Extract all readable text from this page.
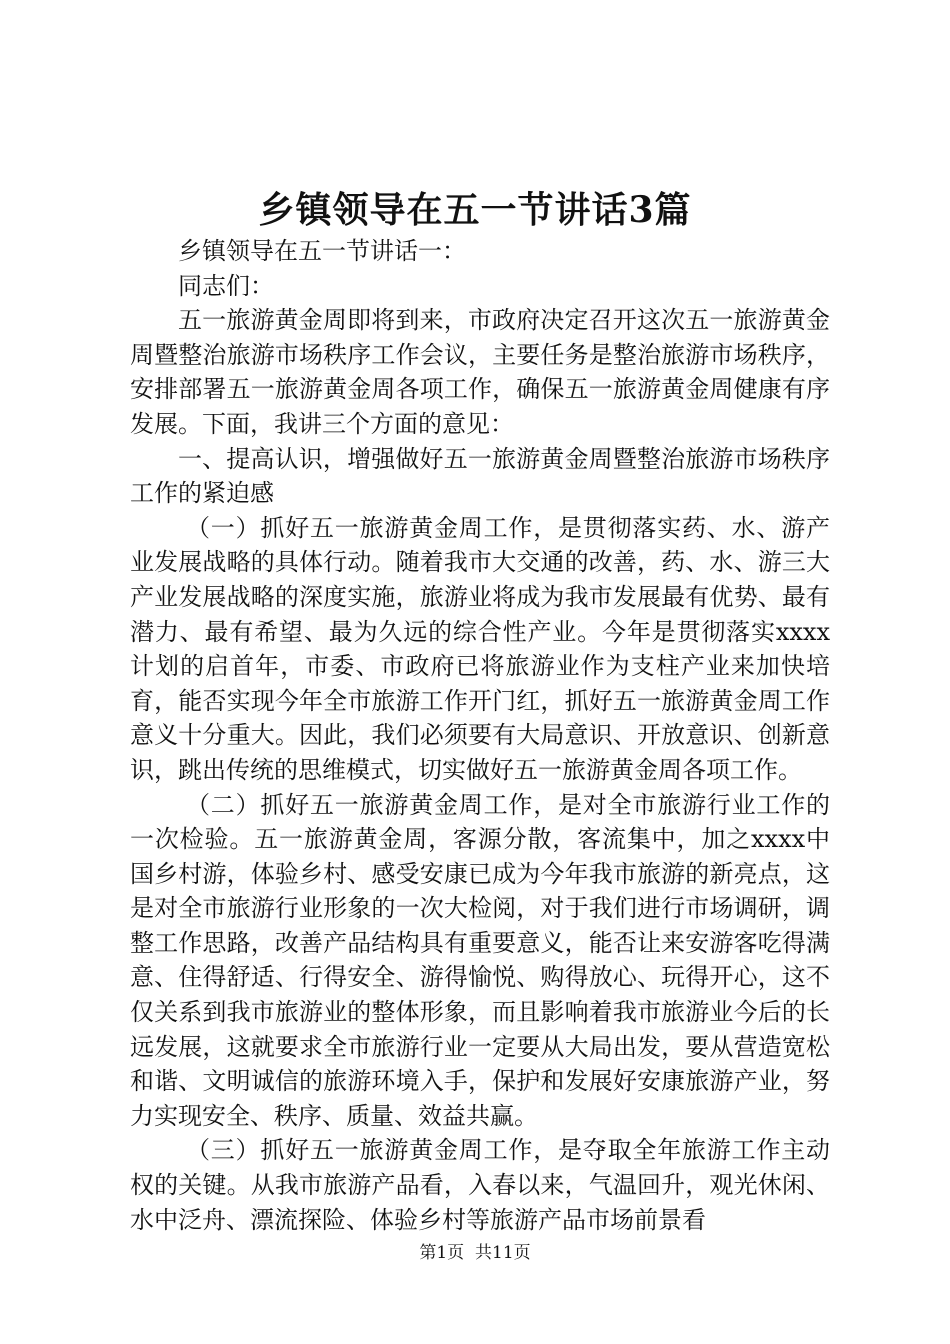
乡镇领导在五一节讲话3篇

乡镇领导在五一节讲话一：

同志们：

五一旅游黄金周即将到来，市政府决定召开这次五一旅游黄金周暨整治旅游市场秩序工作会议，主要任务是整治旅游市场秩序，安排部署五一旅游黄金周各项工作，确保五一旅游黄金周健康有序发展。下面，我讲三个方面的意见：

一、提高认识，增强做好五一旅游黄金周暨整治旅游市场秩序工作的紧迫感

（一）抓好五一旅游黄金周工作，是贯彻落实药、水、游产业发展战略的具体行动。随着我市大交通的改善，药、水、游三大产业发展战略的深度实施，旅游业将成为我市发展最有优势、最有潜力、最有希望、最为久远的综合性产业。今年是贯彻落实xxxx计划的启首年，市委、市政府已将旅游业作为支柱产业来加快培育，能否实现今年全市旅游工作开门红，抓好五一旅游黄金周工作意义十分重大。因此，我们必须要有大局意识、开放意识、创新意识，跳出传统的思维模式，切实做好五一旅游黄金周各项工作。

（二）抓好五一旅游黄金周工作，是对全市旅游行业工作的一次检验。五一旅游黄金周，客源分散，客流集中，加之xxxx中国乡村游，体验乡村、感受安康已成为今年我市旅游的新亮点，这是对全市旅游行业形象的一次大检阅，对于我们进行市场调研，调整工作思路，改善产品结构具有重要意义，能否让来安游客吃得满意、住得舒适、行得安全、游得愉悦、购得放心、玩得开心，这不仅关系到我市旅游业的整体形象，而且影响着我市旅游业今后的长远发展，这就要求全市旅游行业一定要从大局出发，要从营造宽松和谐、文明诚信的旅游环境入手，保护和发展好安康旅游产业，努力实现安全、秩序、质量、效益共赢。

（三）抓好五一旅游黄金周工作，是夺取全年旅游工作主动权的关键。从我市旅游产品看，入春以来，气温回升，观光休闲、水中泛舟、漂流探险、体验乡村等旅游产品市场前景看

第1页 共11页
